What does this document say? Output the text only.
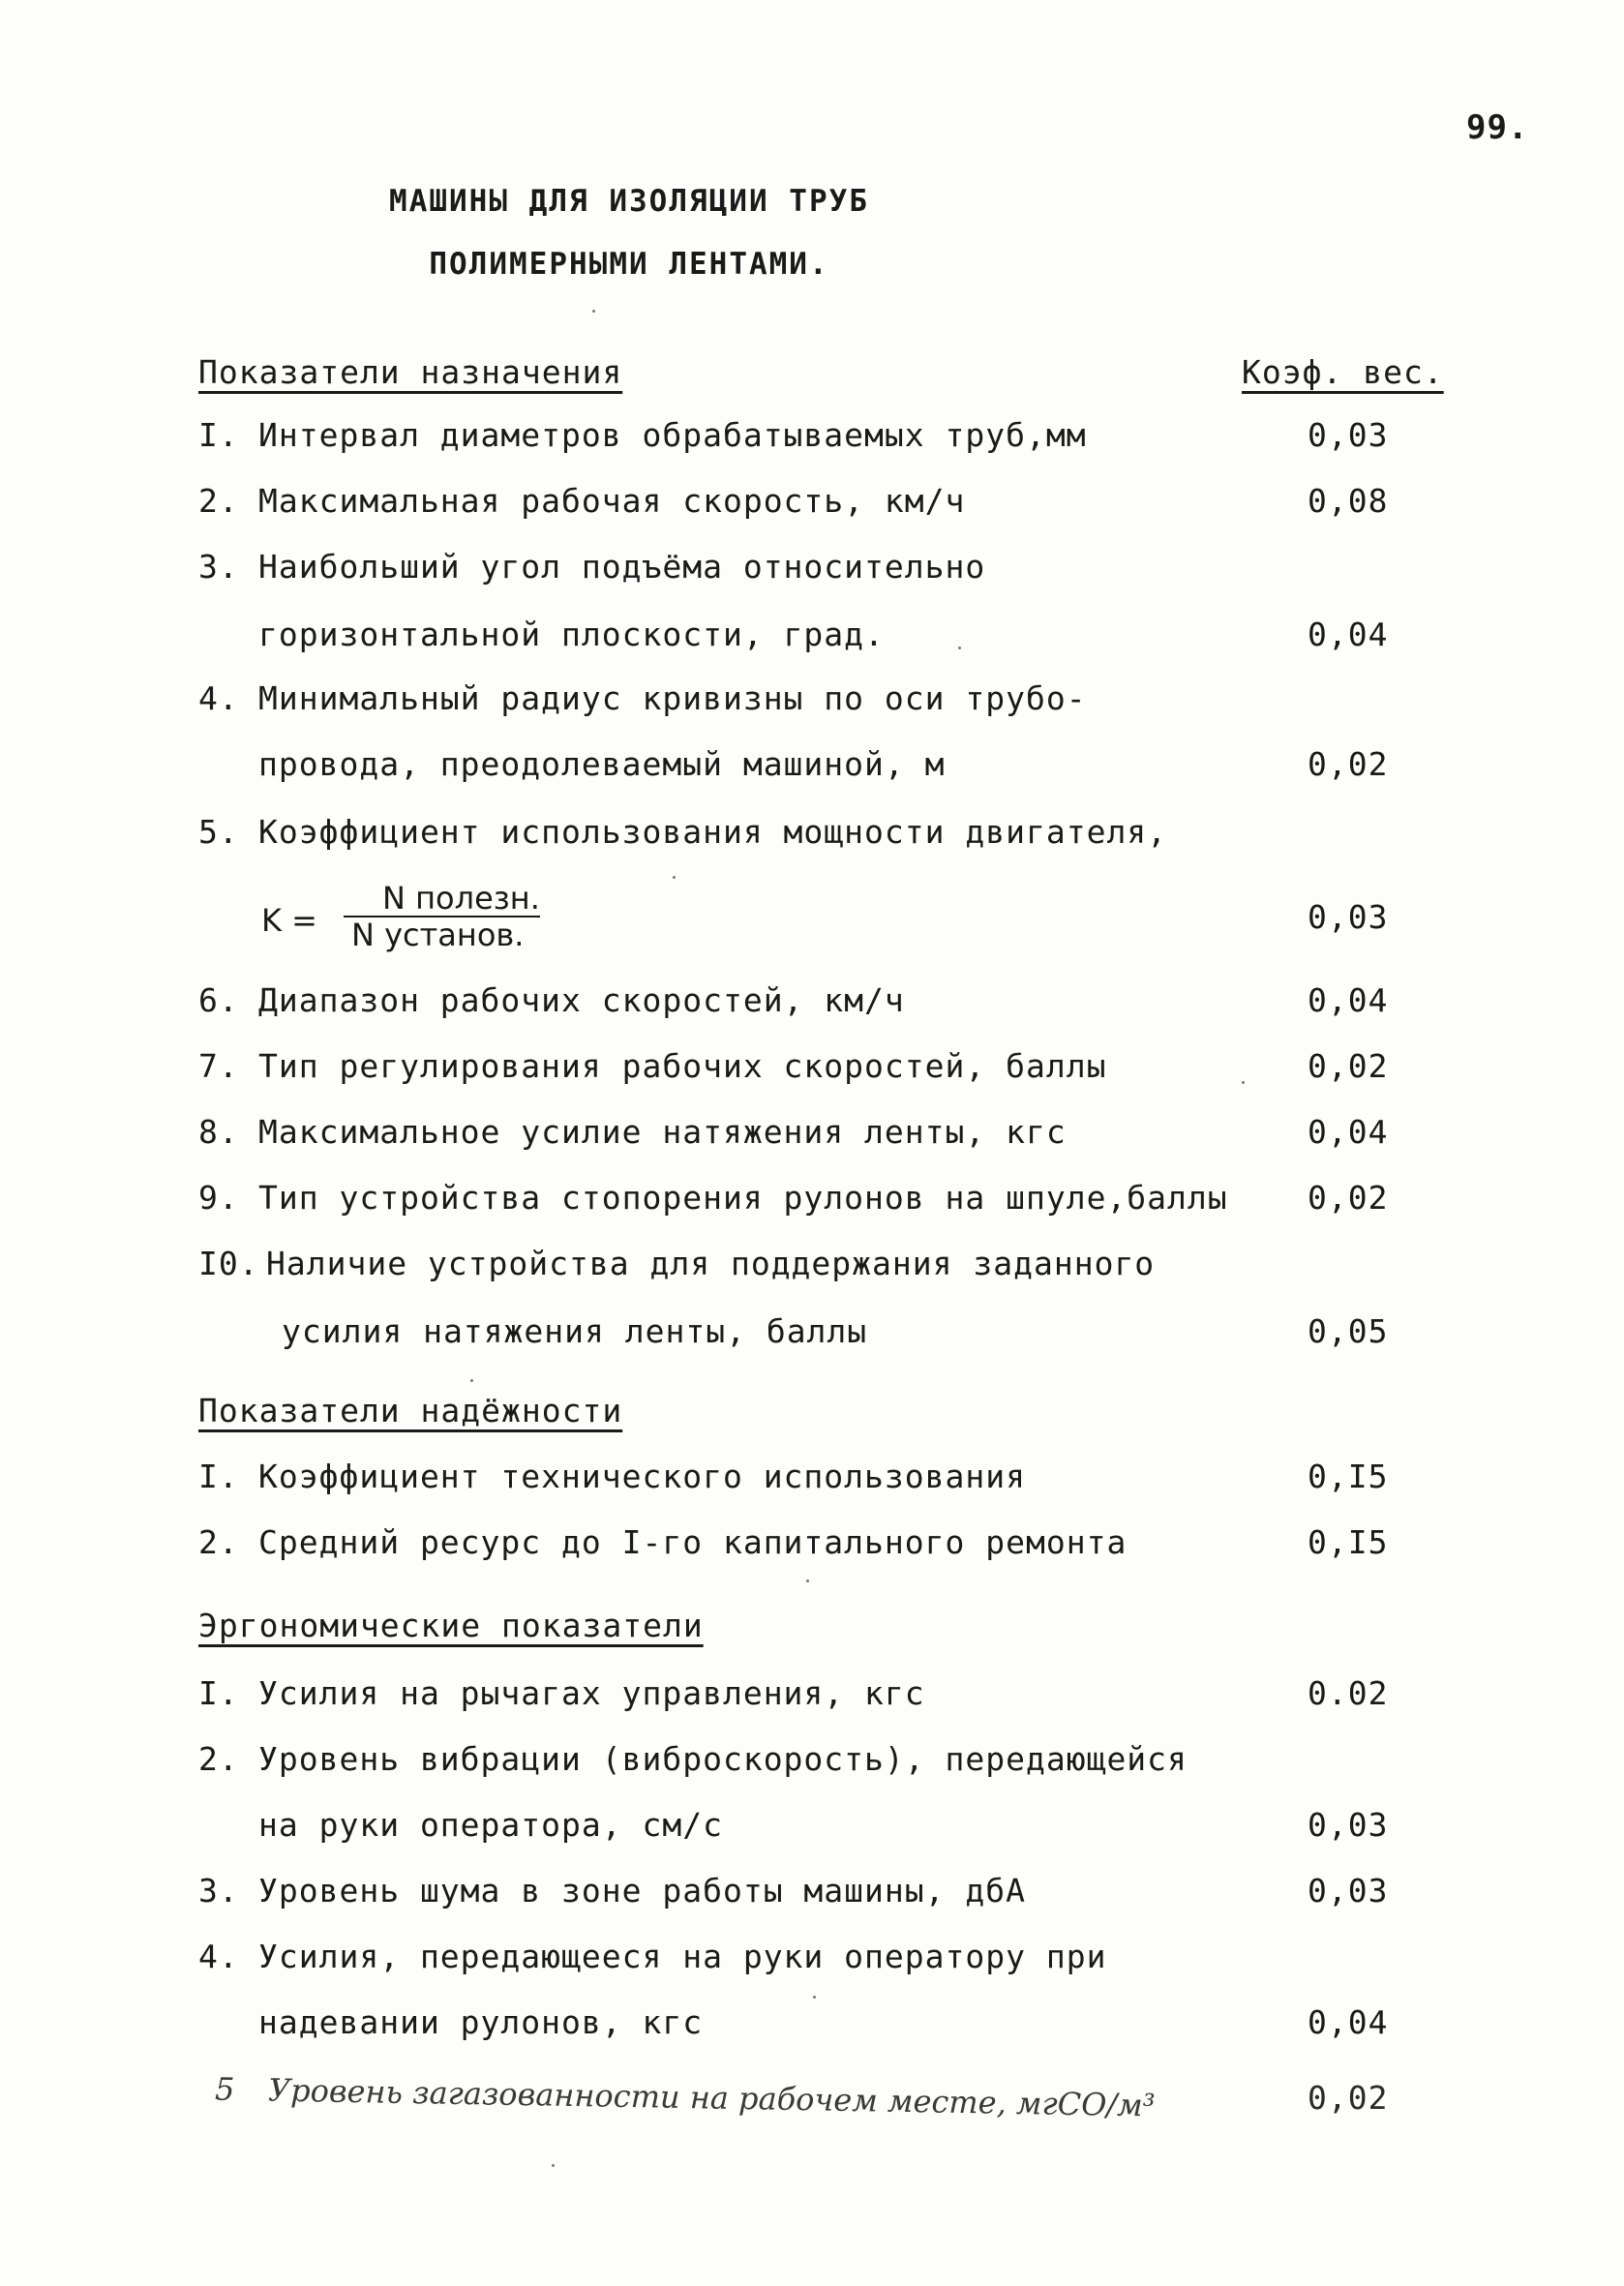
99.
МАШИНЫ ДЛЯ ИЗОЛЯЦИИ ТРУБ
ПОЛИМЕРНЫМИ ЛЕНТАМИ.
Показатели назначения	Коэф. вес.
I. Интервал диаметров обрабатываемых труб,мм	0,03
2. Максимальная рабочая скорость, км/ч	0,08
3. Наибольший угол подъёма относительно
горизонтальной плоскости, град.	0,04
4. Минимальный радиус кривизны по оси трубо-
провода, преодолеваемый машиной, м	0,02
5. Коэффициент использования мощности двигателя,
K =
N полезн.
N установ.	0,03
6. Диапазон рабочих скоростей, км/ч	0,04
7. Тип регулирования рабочих скоростей, баллы	0,02
8. Максимальное усилие натяжения ленты, кгс	0,04
9. Тип устройства стопорения рулонов на шпуле,баллы 0,02
I0. Наличие устройства для поддержания заданного
усилия натяжения ленты, баллы	0,05
Показатели надёжности
I. Коэффициент технического использования	0,I5
2. Средний ресурс до I-го капитального ремонта	0,I5
Эргономические показатели
I. Усилия на рычагах управления, кгс	0.02
2. Уровень вибрации (виброскорость), передающейся
на руки оператора, см/с	0,03
3. Уровень шума в зоне работы машины, дбА	0,03
4. Усилия, передающееся на руки оператору при
надевании рулонов, кгс	0,04
5 Уровень загазованности на рабочем месте, мгСО/м³	0,02
